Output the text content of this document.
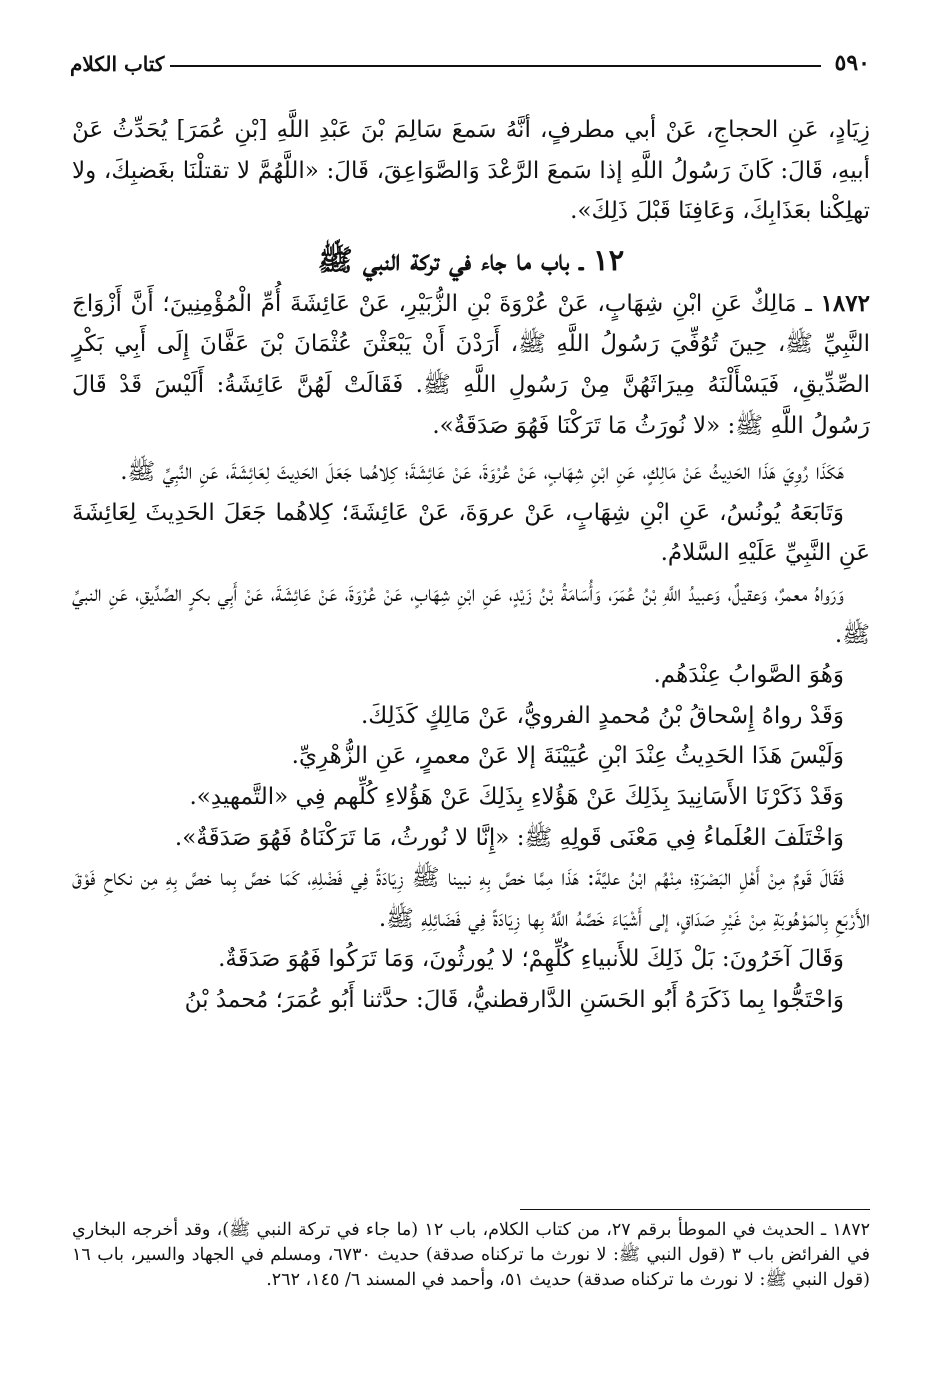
٥٩٠
كتاب الكلام

زِيَادٍ، عَنِ الحجاجِ، عَنْ أبي مطرفٍ، أنَّهُ سَمعَ سَالِمَ بْنَ عَبْدِ اللَّهِ [بْنِ عُمَرَ] يُحَدِّثُ عَنْ أبيهِ، قَالَ: كَانَ رَسُولُ اللَّهِ إذا سَمعَ الرَّعْدَ وَالصَّوَاعِقَ، قَالَ: «اللَّهُمَّ لا تقتلْنَا بغَضبِكَ، ولا تهلِكْنا بعَذَابِكَ، وَعَافِنَا قَبْلَ ذَلِكَ».

١٢ ـ باب ما جاء في تركة النبي ﷺ

١٨٧٢ ـ مَالِكٌ عَنِ ابْنِ شِهَابٍ، عَنْ عُرْوَةَ بْنِ الزُّبَيْرِ، عَنْ عَائِشَةَ أُمِّ الْمُؤْمِنِينَ؛ أَنَّ أَزْوَاجَ النَّبِيِّ ﷺ، حِينَ تُوُفِّيَ رَسُولُ اللَّهِ ﷺ، أَرَدْنَ أَنْ يَبْعَثْنَ عُثْمَانَ بْنَ عَفَّانَ إِلَى أَبِي بَكْرٍ الصِّدِّيقِ، فَيَسْأَلْنَهُ مِيرَاثَهُنَّ مِنْ رَسُولِ اللَّهِ ﷺ. فَقَالَتْ لَهُنَّ عَائِشَةُ: أَلَيْسَ قَدْ قَالَ رَسُولُ اللَّهِ ﷺ: «لا نُورَثُ مَا تَرَكْنَا فَهُوَ صَدَقَةٌ».

هَكَذَا رُوِيَ هَذَا الحَدِيثُ عَنْ مَالِكٍ، عَنِ ابْنِ شِهَابٍ، عَنْ عُرْوَةَ، عَنْ عَائِشَةَ؛ كِلاهُما جَعَلَ الحَدِيثَ لِعَائِشَةَ، عَنِ النَّبِيِّ ﷺ.

وَتَابَعَهُ يُونُسُ، عَنِ ابْنِ شِهَابٍ، عَنْ عروَةَ، عَنْ عَائِشَةَ؛ كِلاهُما جَعَلَ الحَدِيثَ لِعَائِشَةَ عَنِ النَّبِيِّ عَلَيْهِ السَّلامُ.

وَرَواهُ معمرٌ، وَعقيلٌ، وَعبيدُ اللَّهِ بْنُ عُمَرَ، وَأُسَامَةُ بْنُ زَيْدٍ، عَنِ ابْنِ شِهَابٍ، عَنْ عُرْوَةَ، عَنْ عَائِشَةَ، عَنْ أَبِي بكرٍ الصِّدِّيقِ، عَنِ النبيِّ ﷺ.

وَهُوَ الصَّوابُ عِنْدَهُم.

وَقَدْ رواهُ إِسْحاقُ بْنُ مُحمدٍ الفرويُّ، عَنْ مَالِكٍ كَذَلِكَ.

وَلَيْسَ هَذَا الحَدِيثُ عِنْدَ ابْنِ عُيَيْنَةَ إلا عَنْ معمرٍ، عَنِ الزُّهْرِيِّ.

وَقَدْ ذَكَرْنَا الأَسَانِيدَ بِذَلِكَ عَنْ هَؤُلاءِ بِذَلِكَ عَنْ هَؤُلاءِ كُلِّهم فِي «التَّمهيدِ».

وَاخْتَلَفَ العُلَماءُ فِي مَعْنَى قَولِهِ ﷺ: «إِنَّا لا نُورثُ، مَا تَرَكْنَاهُ فَهُوَ صَدَقَةٌ».

فَقَالَ قَومٌ مِنْ أَهْلِ البَصْرَةِ؛ مِنْهُم ابْنُ عليَّةَ: هَذَا مِمَّا خصَّ بِهِ نبينا ﷺ زِيَادَةً فِي فَضْلِهِ، كَمَا خصَّ بِما خصَّ بِهِ مِن نكاحِ فَوْقَ الأَرْبَعِ بِالمَوْهُوبَةِ مِنْ غَيْرِ صَدَاقٍ، إلى أَشْيَاءَ خَصَّهُ اللَّهُ بِها زِيَادَةً فِي فَضَائِلِهِ ﷺ.

وَقَالَ آخَرُونَ: بَلْ ذَلِكَ للأَنبياءِ كُلِّهِمْ؛ لا يُورثُونَ، وَمَا تَرَكُوا فَهُوَ صَدَقَةٌ.

وَاحْتَجُّوا بِما ذَكَرَهُ أَبُو الحَسَنِ الدَّارقطنيُّ، قَالَ: حدَّثنا أَبُو عُمَرَ؛ مُحمدُ بْنُ

١٨٧٢ ـ الحديث في الموطأ برقم ٢٧، من كتاب الكلام، باب ١٢ (ما جاء في تركة النبي ﷺ)، وقد أخرجه البخاري في الفرائض باب ٣ (قول النبي ﷺ: لا نورث ما تركناه صدقة) حديث ٦٧٣٠، ومسلم في الجهاد والسير، باب ١٦ (قول النبي ﷺ: لا نورث ما تركناه صدقة) حديث ٥١، وأحمد في المسند ٦/ ١٤٥، ٢٦٢.
